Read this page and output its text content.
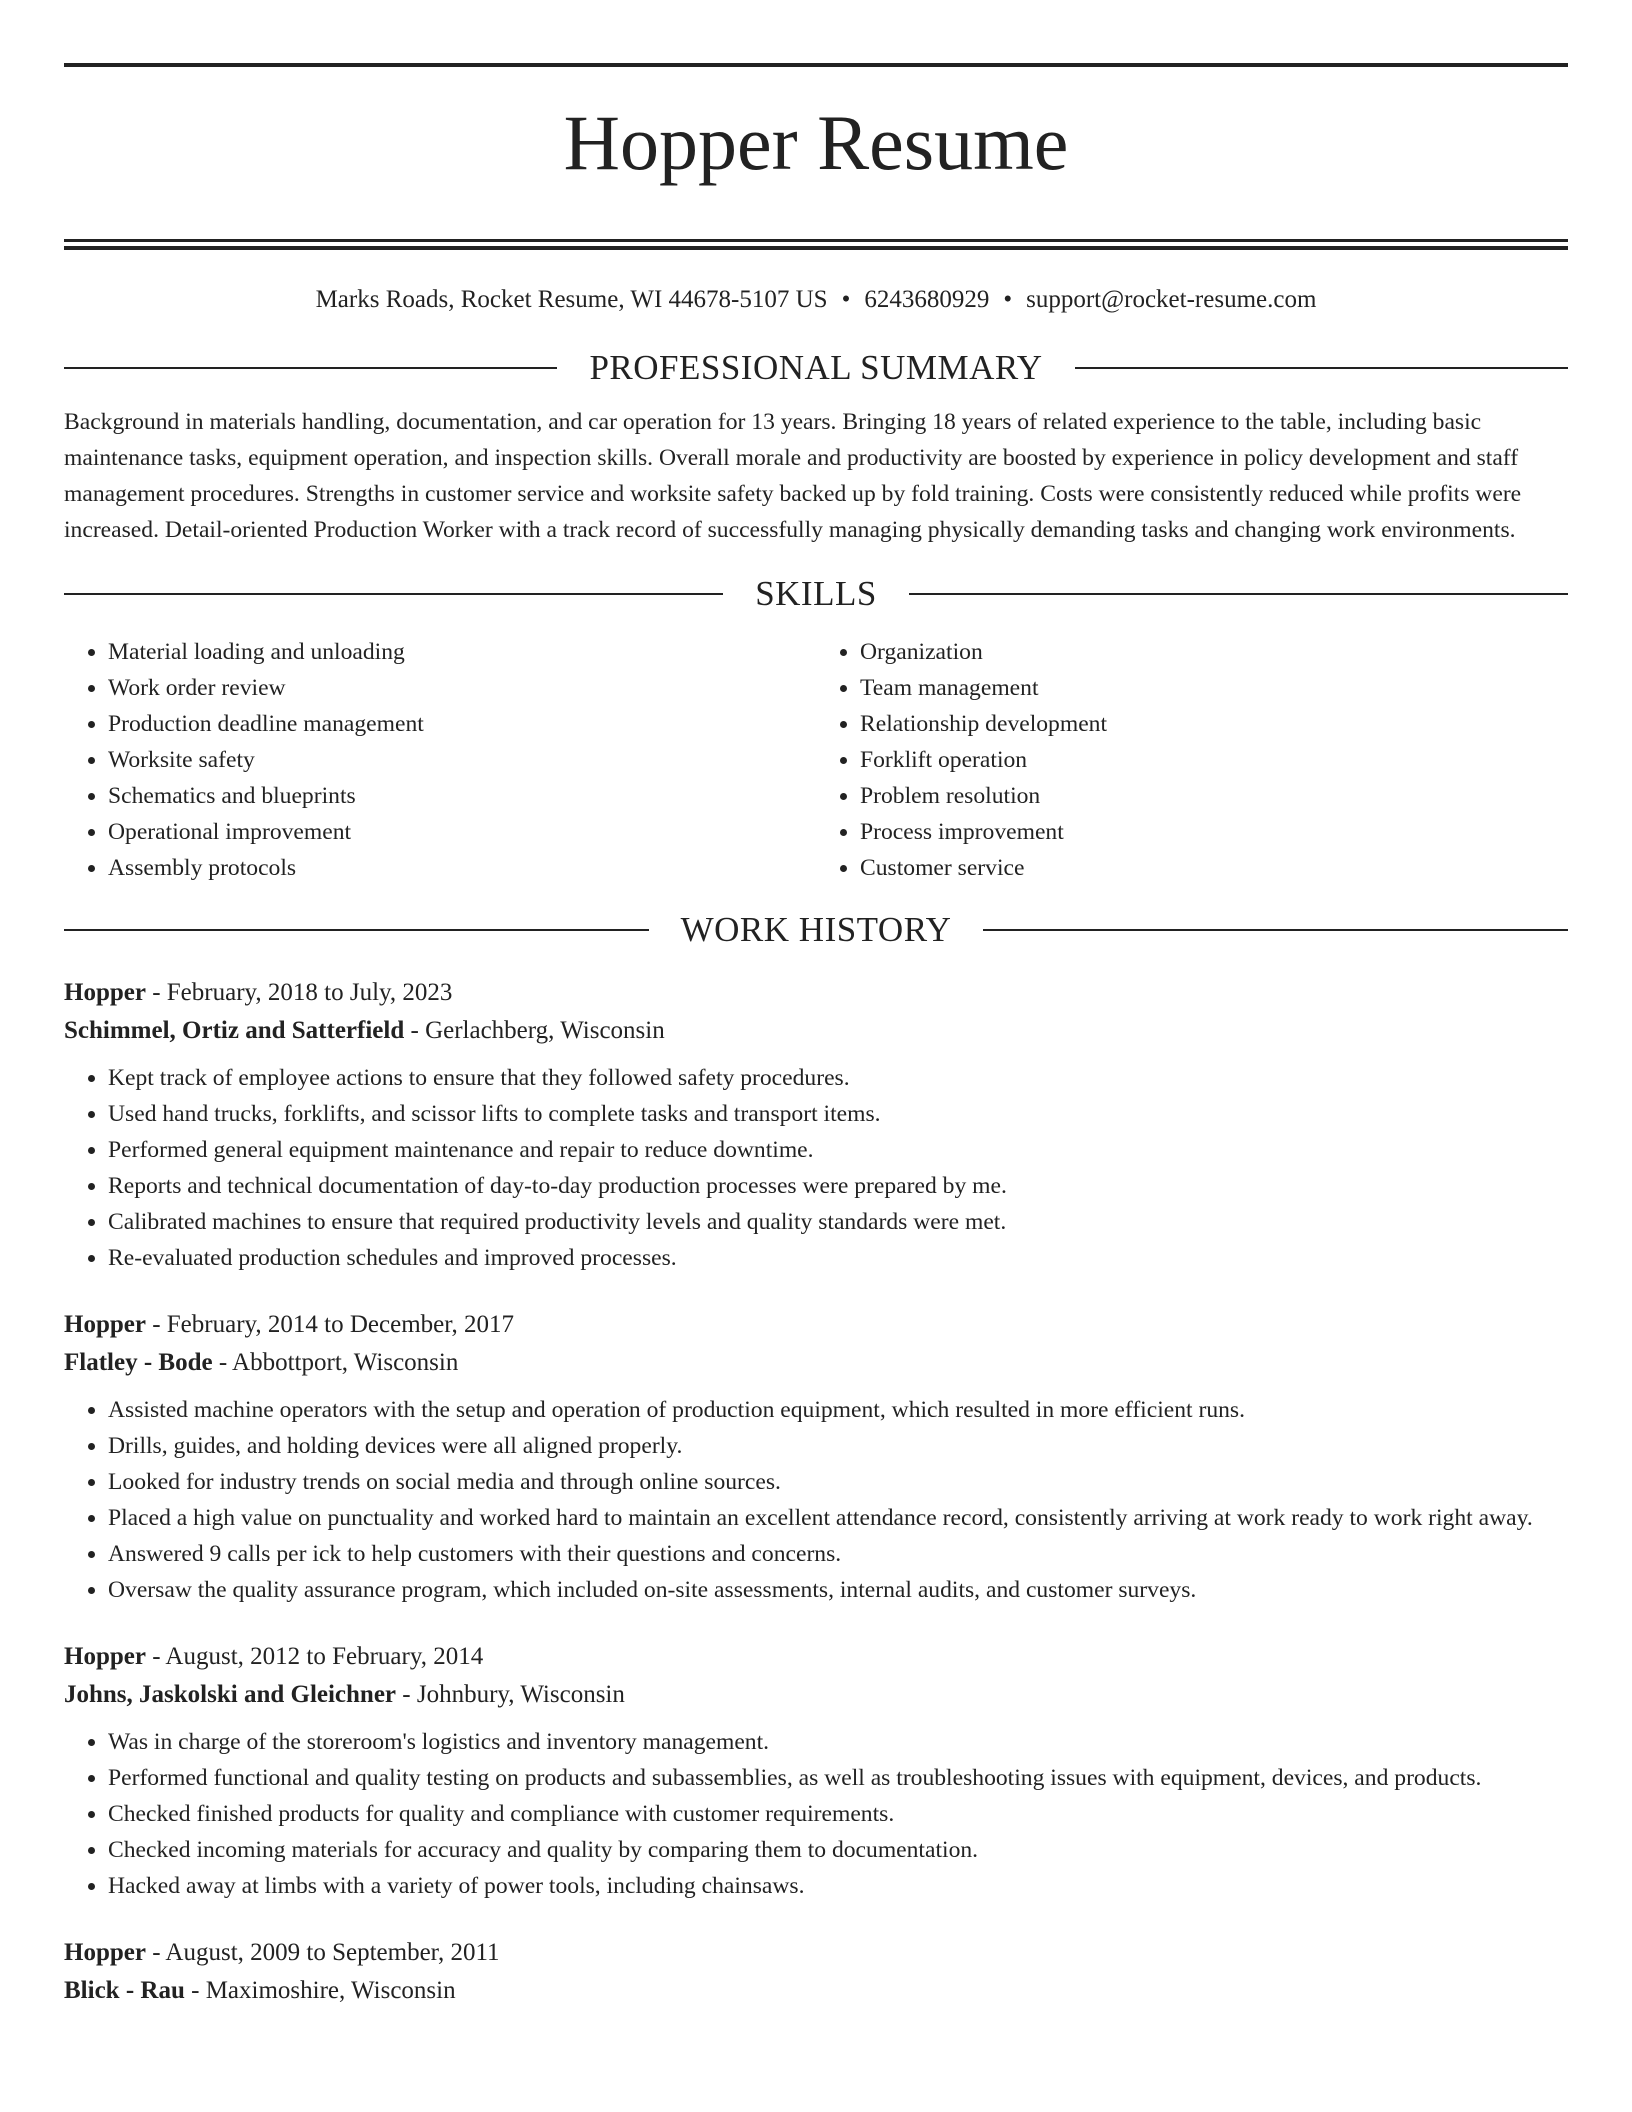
Hopper Resume
Marks Roads, Rocket Resume, WI 44678-5107 US • 6243680929 • support@rocket-resume.com
PROFESSIONAL SUMMARY
Background in materials handling, documentation, and car operation for 13 years. Bringing 18 years of related experience to the table, including basic maintenance tasks, equipment operation, and inspection skills. Overall morale and productivity are boosted by experience in policy development and staff management procedures. Strengths in customer service and worksite safety backed up by fold training. Costs were consistently reduced while profits were increased. Detail-oriented Production Worker with a track record of successfully managing physically demanding tasks and changing work environments.
SKILLS
• Material loading and unloading
• Work order review
• Production deadline management
• Worksite safety
• Schematics and blueprints
• Operational improvement
• Assembly protocols
• Organization
• Team management
• Relationship development
• Forklift operation
• Problem resolution
• Process improvement
• Customer service
WORK HISTORY
Hopper - February, 2018 to July, 2023
Schimmel, Ortiz and Satterfield - Gerlachberg, Wisconsin
• Kept track of employee actions to ensure that they followed safety procedures.
• Used hand trucks, forklifts, and scissor lifts to complete tasks and transport items.
• Performed general equipment maintenance and repair to reduce downtime.
• Reports and technical documentation of day-to-day production processes were prepared by me.
• Calibrated machines to ensure that required productivity levels and quality standards were met.
• Re-evaluated production schedules and improved processes.
Hopper - February, 2014 to December, 2017
Flatley - Bode - Abbottport, Wisconsin
• Assisted machine operators with the setup and operation of production equipment, which resulted in more efficient runs.
• Drills, guides, and holding devices were all aligned properly.
• Looked for industry trends on social media and through online sources.
• Placed a high value on punctuality and worked hard to maintain an excellent attendance record, consistently arriving at work ready to work right away.
• Answered 9 calls per ick to help customers with their questions and concerns.
• Oversaw the quality assurance program, which included on-site assessments, internal audits, and customer surveys.
Hopper - August, 2012 to February, 2014
Johns, Jaskolski and Gleichner - Johnbury, Wisconsin
• Was in charge of the storeroom's logistics and inventory management.
• Performed functional and quality testing on products and subassemblies, as well as troubleshooting issues with equipment, devices, and products.
• Checked finished products for quality and compliance with customer requirements.
• Checked incoming materials for accuracy and quality by comparing them to documentation.
• Hacked away at limbs with a variety of power tools, including chainsaws.
Hopper - August, 2009 to September, 2011
Blick - Rau - Maximoshire, Wisconsin
